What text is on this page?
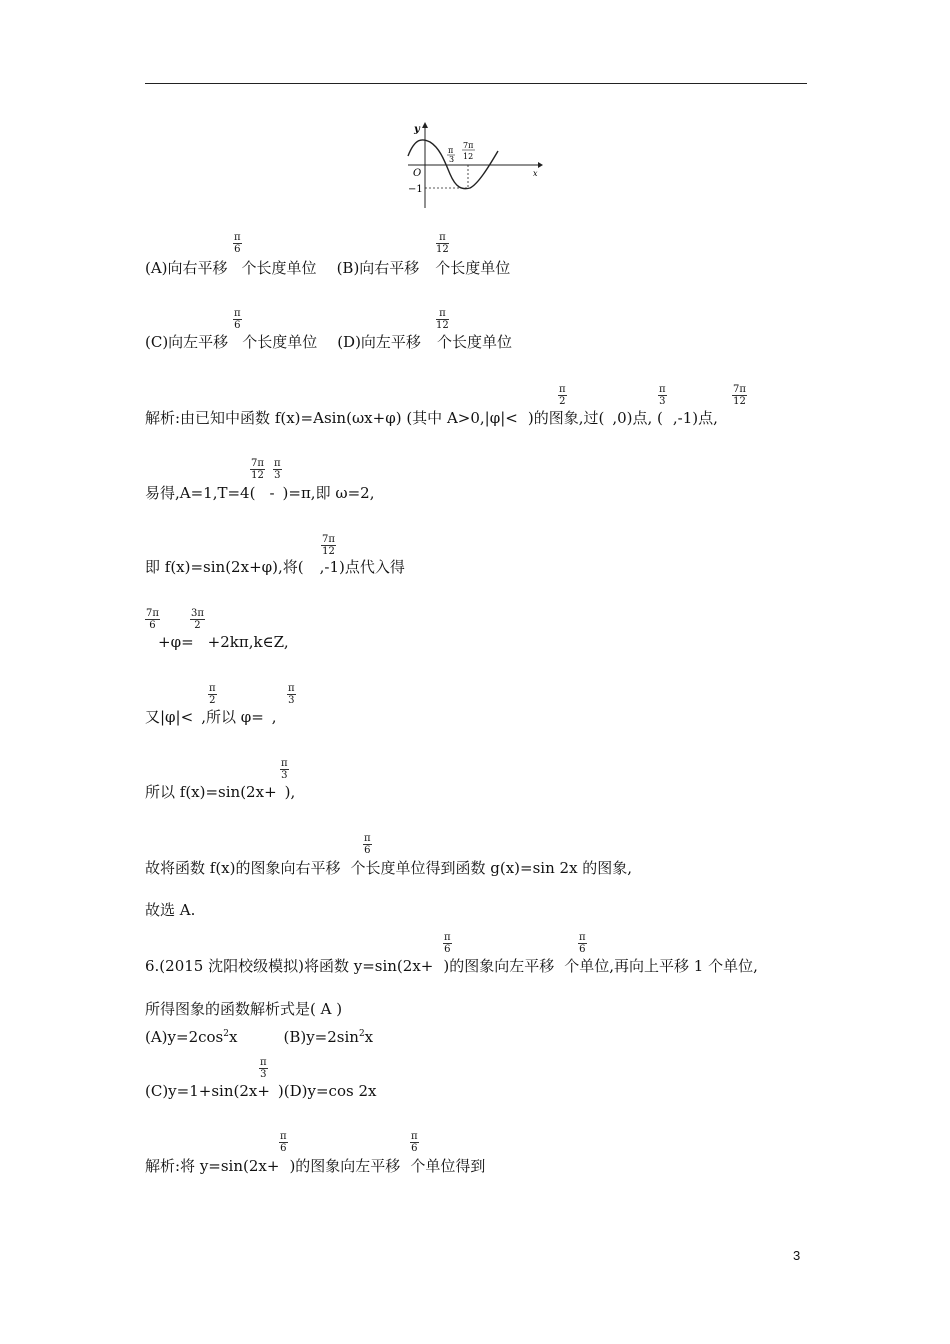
y
x
O
−1
π
3
7π
12
(A)向右平移 个长度单位 (B)向右平移 个长度单位
$\frac{\pi}{6}$	$\frac{\pi}{12}$
(C)向左平移 个长度单位 (D)向左平移 个长度单位
$\frac{\pi}{6}$	$\frac{\pi}{12}$
解析:由已知中函数 f(x)=Asin(ωx+φ) (其中 A>0,|φ|< )的图象,过( ,0)点, ( ,-1)点,
$\frac{\pi}{2}$	$\frac{\pi}{3}$	$\frac{7\pi}{12}$
易得,A=1,T=4( - )=π,即 ω=2,
$\frac{7\pi}{12} \frac{\pi}{3}$
即 f(x)=sin(2x+φ),将( ,-1)点代入得
$\frac{7\pi}{12}$
$\frac{7\pi}{6}$
+φ= +2kπ,k∈Z,
$\frac{3\pi}{2}$
又|φ|< ,所以 φ= ,
$\frac{\pi}{2}$	$\frac{\pi}{3}$
所以 f(x)=sin(2x+ ),
$\frac{\pi}{3}$
故将函数 f(x)的图象向右平移 个长度单位得到函数 g(x)=sin 2x 的图象,
$\frac{\pi}{6}$
故选 A.
6.(2015 沈阳校级模拟)将函数 y=sin(2x+ )的图象向左平移 个单位,再向上平移 1 个单位,
$\frac{\pi}{6}$	$\frac{\pi}{6}$
所得图象的函数解析式是( A )
$(A)y=2\cos^2x$	$(B)y=2\sin^2x$
(C)y=1+sin(2x+ )(D)y=cos 2x
$\frac{\pi}{3}$
解析:将 y=sin(2x+ )的图象向左平移 个单位得到
$\frac{\pi}{6}$	$\frac{\pi}{6}$
3
